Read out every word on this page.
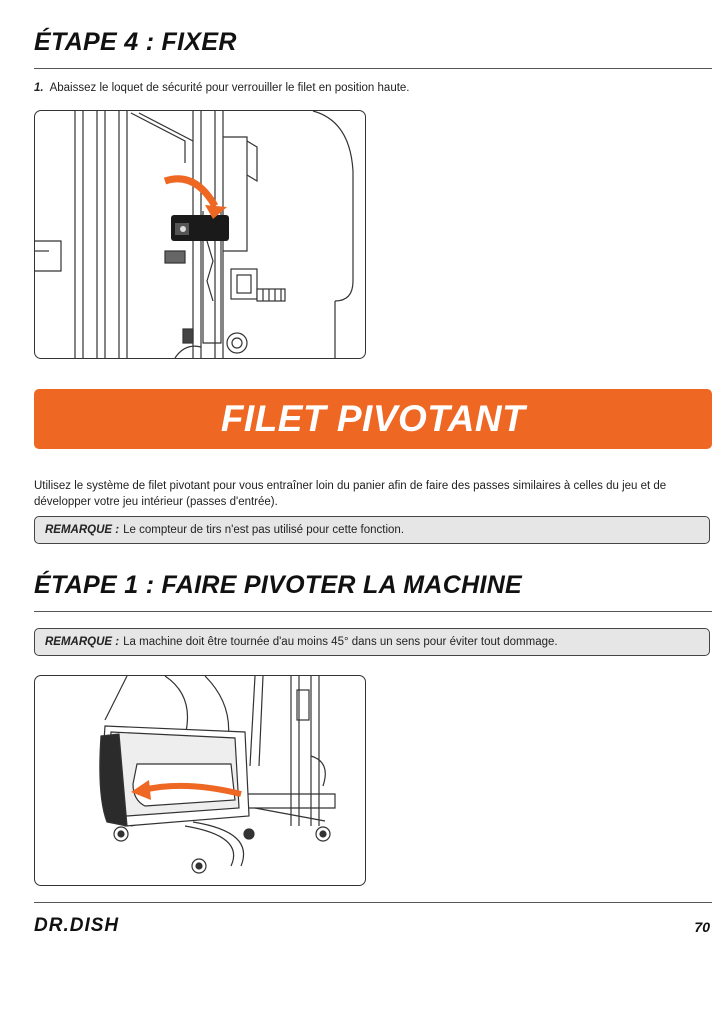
ÉTAPE 4 : FIXER
1. Abaissez le loquet de sécurité pour verrouiller le filet en position haute.
FILET PIVOTANT
Utilisez le système de filet pivotant pour vous entraîner loin du panier afin de faire des passes similaires à celles du jeu et de développer votre jeu intérieur (passes d'entrée).
REMARQUE : Le compteur de tirs n'est pas utilisé pour cette fonction.
ÉTAPE 1 : FAIRE PIVOTER LA MACHINE
REMARQUE : La machine doit être tournée d'au moins 45° dans un sens pour éviter tout dommage.
DR.DISH	70
